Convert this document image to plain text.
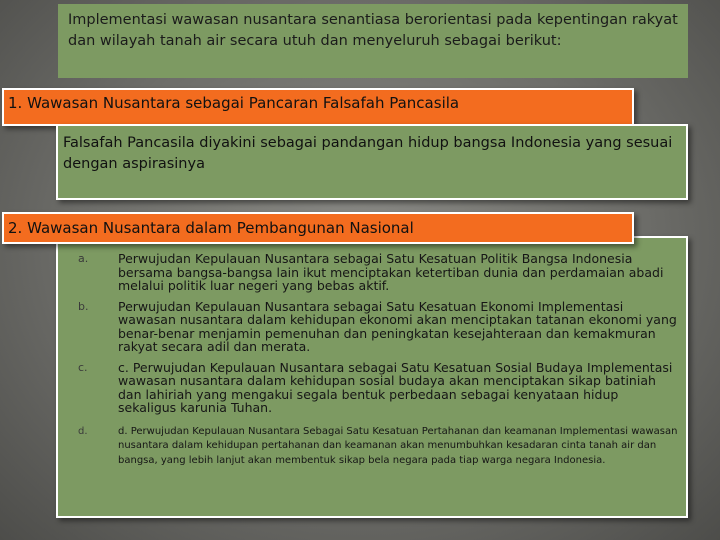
Implementasi wawasan nusantara senantiasa berorientasi pada kepentingan rakyat dan wilayah tanah air secara utuh dan menyeluruh sebagai berikut:
1. Wawasan Nusantara sebagai Pancaran Falsafah Pancasila
Falsafah Pancasila diyakini sebagai pandangan hidup bangsa Indonesia yang sesuai dengan aspirasinya
a.	Perwujudan Kepulauan Nusantara sebagai Satu Kesatuan Politik Bangsa Indonesia bersama bangsa-bangsa lain ikut menciptakan ketertiban dunia dan perdamaian abadi melalui politik luar negeri yang bebas aktif.
b.	Perwujudan Kepulauan Nusantara sebagai Satu Kesatuan Ekonomi Implementasi wawasan nusantara dalam kehidupan ekonomi akan menciptakan tatanan ekonomi yang benar-benar menjamin pemenuhan dan peningkatan kesejahteraan dan kemakmuran rakyat secara adil dan merata.
c.	c. Perwujudan Kepulauan Nusantara sebagai Satu Kesatuan Sosial Budaya Implementasi wawasan nusantara dalam kehidupan sosial budaya akan menciptakan sikap batiniah dan lahiriah yang mengakui segala bentuk perbedaan sebagai kenyataan hidup sekaligus karunia Tuhan.
d.	d. Perwujudan Kepulauan Nusantara Sebagai Satu Kesatuan Pertahanan dan keamanan Implementasi wawasan nusantara dalam kehidupan pertahanan dan keamanan akan menumbuhkan kesadaran cinta tanah air dan bangsa, yang lebih lanjut akan membentuk sikap bela negara pada tiap warga negara Indonesia.
2. Wawasan Nusantara dalam Pembangunan Nasional
